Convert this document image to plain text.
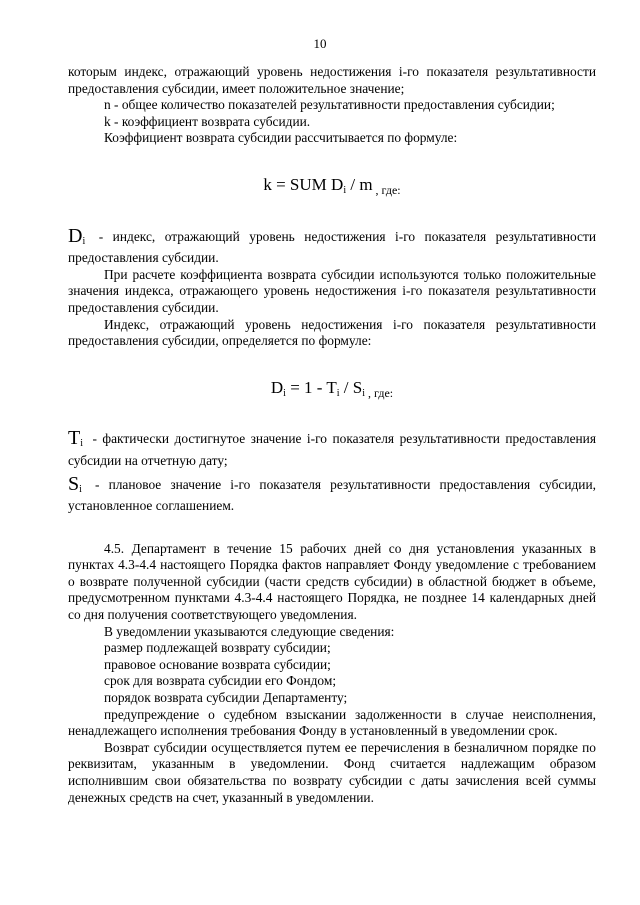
10

которым индекс, отражающий уровень недостижения i-го показателя результативности предоставления субсидии, имеет положительное значение;

n - общее количество показателей результативности предоставления субсидии;

k - коэффициент возврата субсидии.

Коэффициент возврата субсидии рассчитывается по формуле:

k = SUM $D_i$ / m $_{, где:}$

$D_i$ - индекс, отражающий уровень недостижения i-го показателя результативности предоставления субсидии.

При расчете коэффициента возврата субсидии используются только положительные значения индекса, отражающего уровень недостижения i-го показателя результативности предоставления субсидии.

Индекс, отражающий уровень недостижения i-го показателя результативности предоставления субсидии, определяется по формуле:

$D_i = 1 - T_i / S_i$ $_{, где:}$

$T_i$ - фактически достигнутое значение i-го показателя результативности предоставления субсидии на отчетную дату;

$S_i$ - плановое значение i-го показателя результативности предоставления субсидии, установленное соглашением.

4.5. Департамент в течение 15 рабочих дней со дня установления указанных в пунктах 4.3-4.4 настоящего Порядка фактов направляет Фонду уведомление с требованием о возврате полученной субсидии (части средств субсидии) в областной бюджет в объеме, предусмотренном пунктами 4.3-4.4 настоящего Порядка, не позднее 14 календарных дней со дня получения соответствующего уведомления.

В уведомлении указываются следующие сведения:

размер подлежащей возврату субсидии;

правовое основание возврата субсидии;

срок для возврата субсидии его Фондом;

порядок возврата субсидии Департаменту;

предупреждение о судебном взыскании задолженности в случае неисполнения, ненадлежащего исполнения требования Фонду в установленный в уведомлении срок.

Возврат субсидии осуществляется путем ее перечисления в безналичном порядке по реквизитам, указанным в уведомлении. Фонд считается надлежащим образом исполнившим свои обязательства по возврату субсидии с даты зачисления всей суммы денежных средств на счет, указанный в уведомлении.
